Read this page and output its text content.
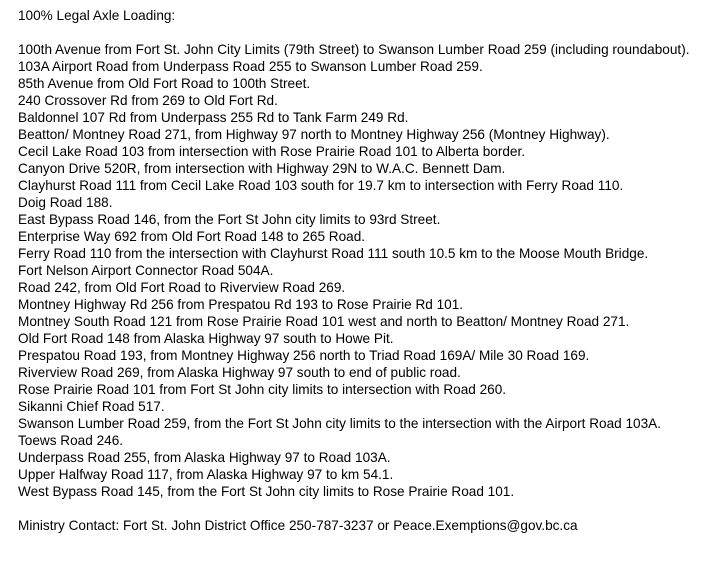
100% Legal Axle Loading:

100th Avenue from Fort St. John City Limits (79th Street) to Swanson Lumber Road 259 (including roundabout).
103A Airport Road from Underpass Road 255 to Swanson Lumber Road 259.
85th Avenue from Old Fort Road to 100th Street.
240 Crossover Rd from 269 to Old Fort Rd.
Baldonnel 107 Rd from Underpass 255 Rd to Tank Farm 249 Rd.
Beatton/ Montney Road 271, from Highway 97 north to Montney Highway 256 (Montney Highway).
Cecil Lake Road 103 from intersection with Rose Prairie Road 101 to Alberta border.
Canyon Drive 520R, from intersection with Highway 29N to W.A.C. Bennett Dam.
Clayhurst Road 111 from Cecil Lake Road 103 south for 19.7 km to intersection with Ferry Road 110.
Doig Road 188.
East Bypass Road 146, from the Fort St John city limits to 93rd Street.
Enterprise Way 692 from Old Fort Road 148 to 265 Road.
Ferry Road 110 from the intersection with Clayhurst Road 111 south 10.5 km to the Moose Mouth Bridge.
Fort Nelson Airport Connector Road 504A.
Road 242, from Old Fort Road to Riverview Road 269.
Montney Highway Rd 256 from Prespatou Rd 193 to Rose Prairie Rd 101.
Montney South Road 121 from Rose Prairie Road 101 west and north to Beatton/ Montney Road 271.
Old Fort Road 148 from Alaska Highway 97 south to Howe Pit.
Prespatou Road 193, from Montney Highway 256 north to Triad Road 169A/ Mile 30 Road 169.
Riverview Road 269, from Alaska Highway 97 south to end of public road.
Rose Prairie Road 101 from Fort St John city limits to intersection with Road 260.
Sikanni Chief Road 517.
Swanson Lumber Road 259, from the Fort St John city limits to the intersection with the Airport Road 103A.
Toews Road 246.
Underpass Road 255, from Alaska Highway 97 to Road 103A.
Upper Halfway Road 117, from Alaska Highway 97 to km 54.1.
West Bypass Road 145, from the Fort St John city limits to Rose Prairie Road 101.

Ministry Contact: Fort St. John District Office 250-787-3237 or Peace.Exemptions@gov.bc.ca
